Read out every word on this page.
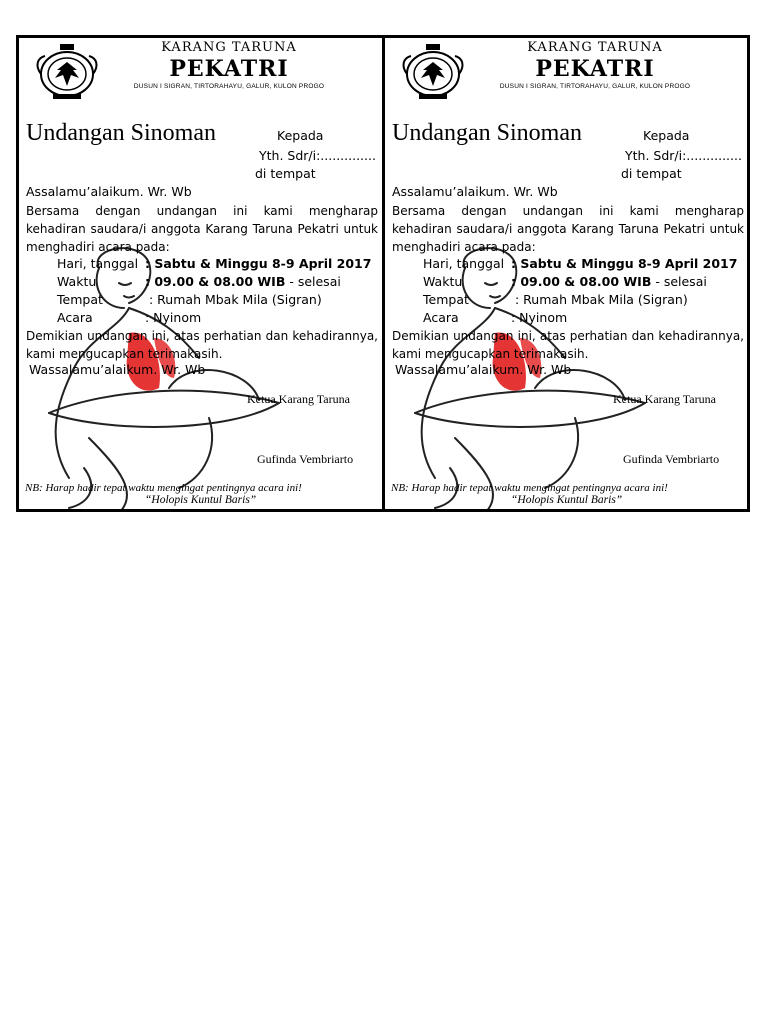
KARANG TARUNA
PEKATRI
DUSUN I SIGRAN, TIRTORAHAYU, GALUR, KULON PROGO
Undangan Sinoman	Kepada
Yth. Sdr/i:..............
di tempat
Assalamu’alaikum. Wr. Wb
Bersama dengan undangan ini kami mengharap kehadiran saudara/i anggota Karang Taruna Pekatri untuk menghadiri acara pada:
Hari, tanggal : Sabtu & Minggu 8-9 April 2017
Waktu	: 09.00 & 08.00 WIB - selesai
Tempat	: Rumah Mbak Mila (Sigran)
Acara	: Nyinom
Demikian undangan ini, atas perhatian dan kehadirannya, kami mengucapkan terimakasih.
Wassalamu’alaikum. Wr. Wb
Ketua Karang Taruna
Gufinda Vembriarto
NB: Harap hadir tepat waktu mengingat pentingnya acara ini!
“Holopis Kuntul Baris”
KARANG TARUNA
PEKATRI
DUSUN I SIGRAN, TIRTORAHAYU, GALUR, KULON PROGO
Undangan Sinoman	Kepada
Yth. Sdr/i:..............
di tempat
Assalamu’alaikum. Wr. Wb
Bersama dengan undangan ini kami mengharap kehadiran saudara/i anggota Karang Taruna Pekatri untuk menghadiri acara pada:
Hari, tanggal : Sabtu & Minggu 8-9 April 2017
Waktu	: 09.00 & 08.00 WIB - selesai
Tempat	: Rumah Mbak Mila (Sigran)
Acara	: Nyinom
Demikian undangan ini, atas perhatian dan kehadirannya, kami mengucapkan terimakasih.
Wassalamu’alaikum. Wr. Wb
Ketua Karang Taruna
Gufinda Vembriarto
NB: Harap hadir tepat waktu mengingat pentingnya acara ini!
“Holopis Kuntul Baris”
